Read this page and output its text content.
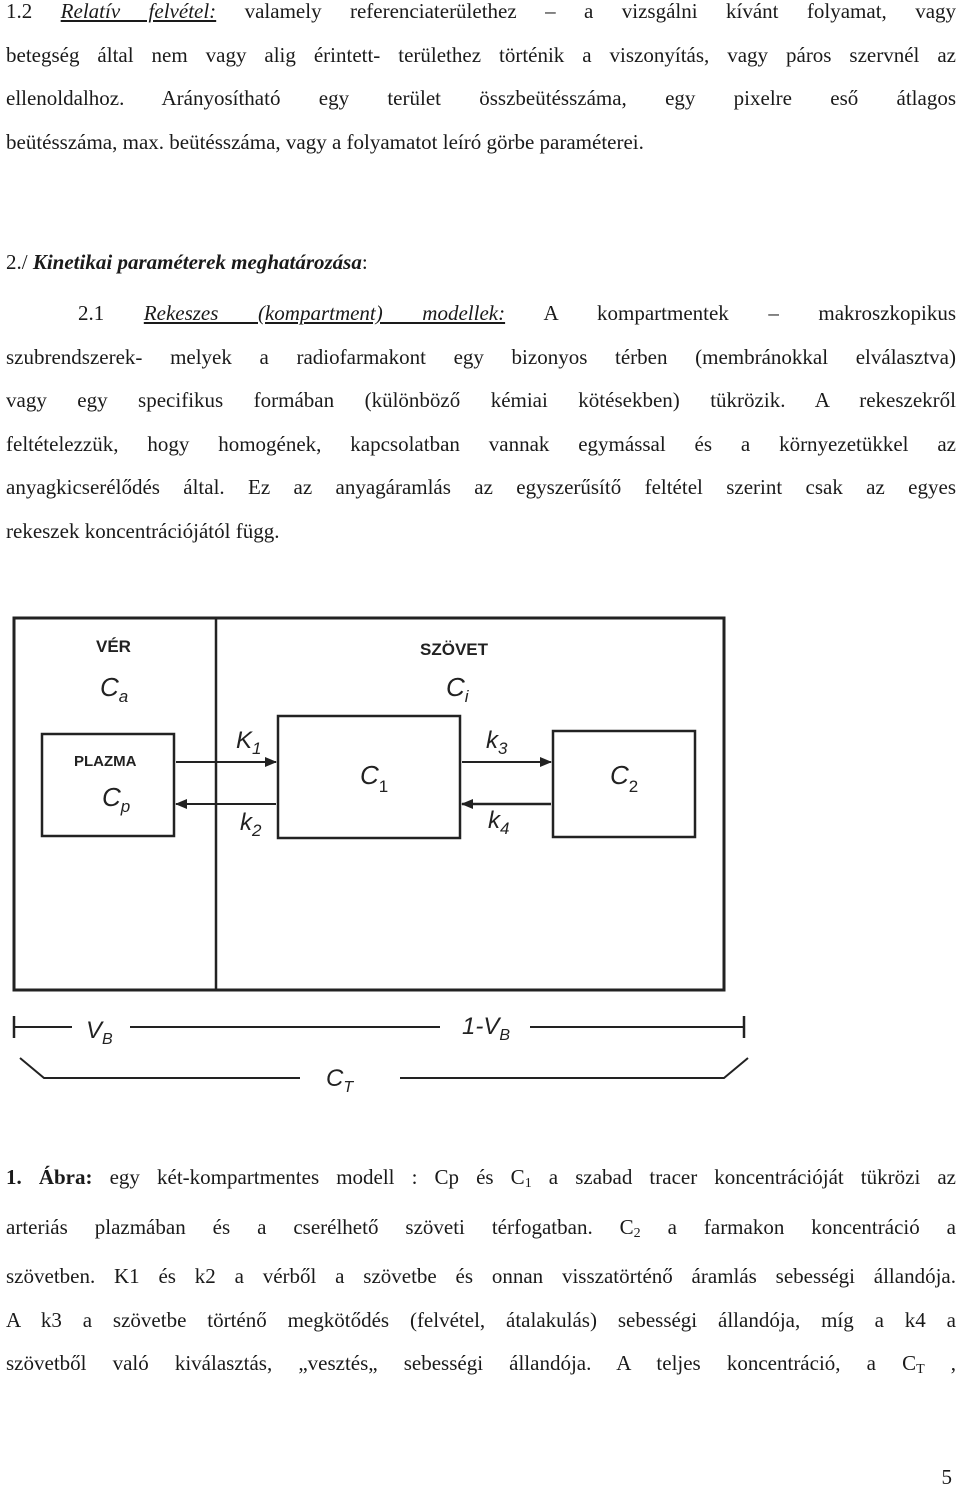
1.2 Relatív felvétel: valamely referenciaterülethez – a vizsgálni kívánt folyamat, vagy
betegség által nem vagy alig érintett- területhez történik a viszonyítás, vagy páros szervnél az
ellenoldalhoz. Arányosítható egy terület összbeütésszáma, egy pixelre eső átlagos
beütésszáma, max. beütésszáma, vagy a folyamatot leíró görbe paraméterei.
2./ Kinetikai paraméterek meghatározása:
2.1 Rekeszes (kompartment) modellek: A kompartmentek – makroszkopikus
szubrendszerek- melyek a radiofarmakont egy bizonyos térben (membránokkal elválasztva)
vagy egy specifikus formában (különböző kémiai kötésekben) tükrözik. A rekeszekről
feltételezzük, hogy homogének, kapcsolatban vannak egymással és a környezetükkel az
anyagkicserélődés által. Ez az anyagáramlás az egyszerűsítő feltétel szerint csak az egyes
rekeszek koncentrációjától függ.
VÉR
$C_a$
PLAZMA
$C_p$
SZÖVET
$C_i$
$K_1$
$k_2$
$k_3$
$k_4$
$C_1$	$C_2$
$V_B$	$1-V_B$
$C_T$
1. Ábra: egy két-kompartmentes modell : Cp és $C_1$ a szabad tracer koncentrációját tükrözi az
arteriás plazmában és a cserélhető szöveti térfogatban. $C_2$ a farmakon koncentráció a
szövetben. K1 és k2 a vérből a szövetbe és onnan visszatörténő áramlás sebességi állandója.
A k3 a szövetbe történő megkötődés (felvétel, átalakulás) sebességi állandója, míg a k4 a
szövetből való kiválasztás, „vesztés„ sebességi állandója. A teljes koncentráció, a $C_T$ ,
5
